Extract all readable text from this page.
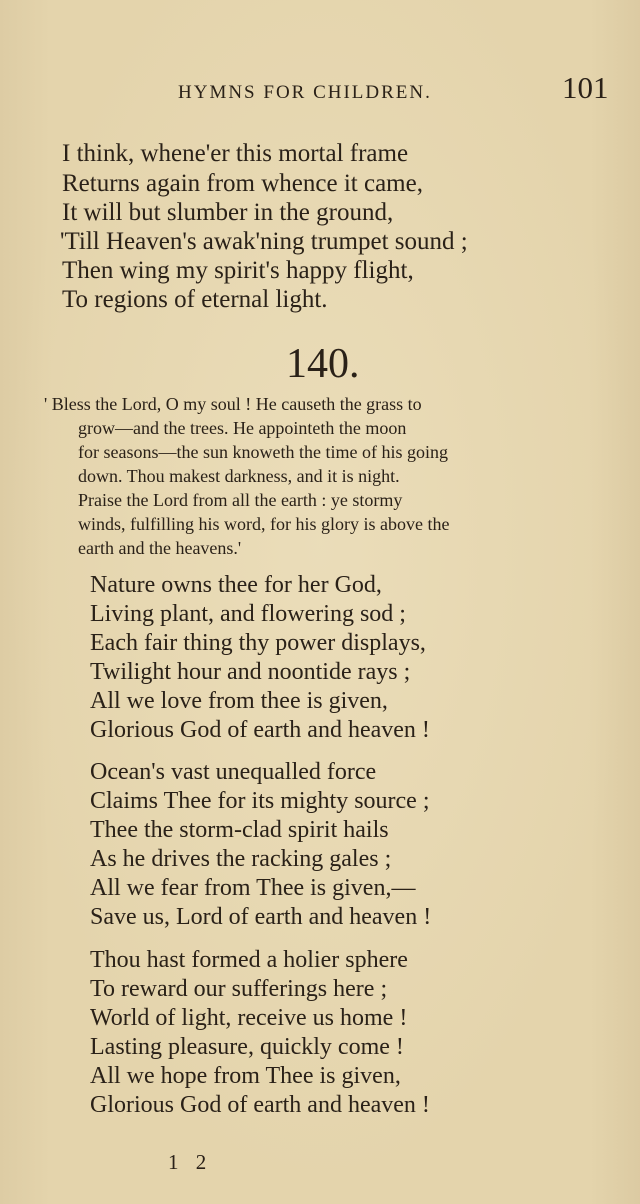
HYMNS FOR CHILDREN.	101
I think, whene'er this mortal frame
Returns again from whence it came,
It will but slumber in the ground,
'Till Heaven's awak'ning trumpet sound ;
Then wing my spirit's happy flight,
To regions of eternal light.
140.
' Bless the Lord, O my soul ! He causeth the grass to
grow—and the trees. He appointeth the moon
for seasons—the sun knoweth the time of his going
down. Thou makest darkness, and it is night.
Praise the Lord from all the earth : ye stormy
winds, fulfilling his word, for his glory is above the
earth and the heavens.'
Nature owns thee for her God,
Living plant, and flowering sod ;
Each fair thing thy power displays,
Twilight hour and noontide rays ;
All we love from thee is given,
Glorious God of earth and heaven !
Ocean's vast unequalled force
Claims Thee for its mighty source ;
Thee the storm-clad spirit hails
As he drives the racking gales ;
All we fear from Thee is given,—
Save us, Lord of earth and heaven !
Thou hast formed a holier sphere
To reward our sufferings here ;
World of light, receive us home !
Lasting pleasure, quickly come !
All we hope from Thee is given,
Glorious God of earth and heaven !
1 2
